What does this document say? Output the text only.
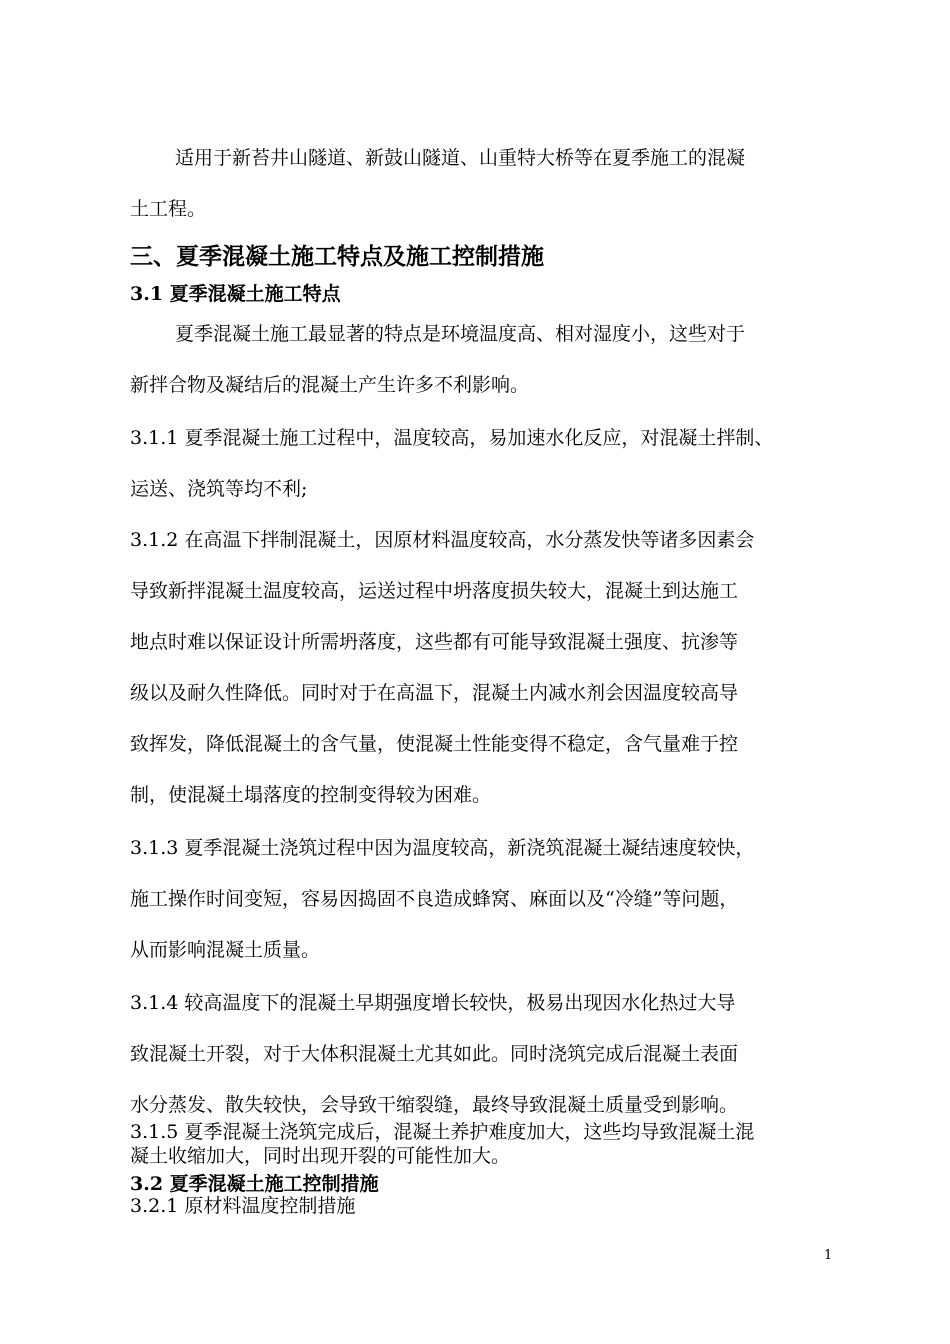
适用于新苔井山隧道、新鼓山隧道、山重特大桥等在夏季施工的混凝

土工程。

三、夏季混凝土施工特点及施工控制措施

3.1 夏季混凝土施工特点

夏季混凝土施工最显著的特点是环境温度高、相对湿度小，这些对于

新拌合物及凝结后的混凝土产生许多不利影响。

3.1.1 夏季混凝土施工过程中，温度较高，易加速水化反应，对混凝土拌制、

运送、浇筑等均不利;

3.1.2 在高温下拌制混凝土，因原材料温度较高，水分蒸发快等诸多因素会

导致新拌混凝土温度较高，运送过程中坍落度损失较大，混凝土到达施工

地点时难以保证设计所需坍落度，这些都有可能导致混凝土强度、抗渗等

级以及耐久性降低。同时对于在高温下，混凝土内减水剂会因温度较高导

致挥发，降低混凝土的含气量，使混凝土性能变得不稳定，含气量难于控

制，使混凝土塌落度的控制变得较为困难。

3.1.3 夏季混凝土浇筑过程中因为温度较高，新浇筑混凝土凝结速度较快，

施工操作时间变短，容易因捣固不良造成蜂窝、麻面以及“冷缝”等问题，

从而影响混凝土质量。

3.1.4 较高温度下的混凝土早期强度增长较快，极易出现因水化热过大导

致混凝土开裂，对于大体积混凝土尤其如此。同时浇筑完成后混凝土表面

水分蒸发、散失较快，会导致干缩裂缝，最终导致混凝土质量受到影响。

3.1.5 夏季混凝土浇筑完成后，混凝土养护难度加大，这些均导致混凝土混

凝土收缩加大，同时出现开裂的可能性加大。

3.2 夏季混凝土施工控制措施

3.2.1 原材料温度控制措施

1
